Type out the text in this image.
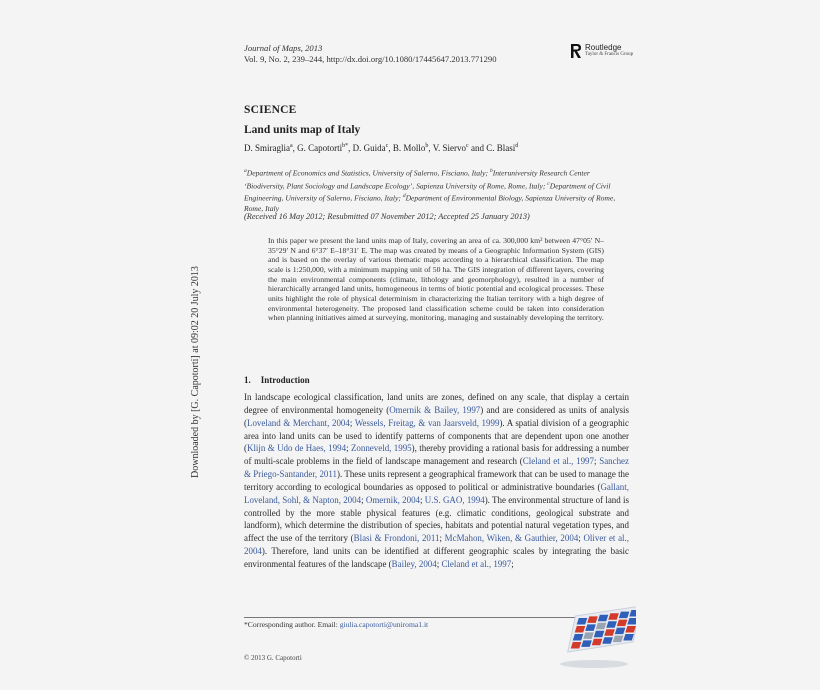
Downloaded by [G. Capotorti] at 09:02 20 July 2013
Journal of Maps, 2013
Vol. 9, No. 2, 239–244, http://dx.doi.org/10.1080/17445647.2013.771290
Routledge
Taylor & Francis Group
SCIENCE
Land units map of Italy
D. Smiraglia$^a$, G. Capotorti$^{b*}$, D. Guida$^c$, B. Mollo$^b$, V. Siervo$^c$ and C. Blasi$^d$
$^a$Department of Economics and Statistics, University of Salerno, Fisciano, Italy; $^b$Interuniversity Research Center ‘Biodiversity, Plant Sociology and Landscape Ecology’, Sapienza University of Rome, Rome, Italy; $^c$Department of Civil Engineering, University of Salerno, Fisciano, Italy; $^d$Department of Environmental Biology, Sapienza University of Rome, Rome, Italy
(Received 16 May 2012; Resubmitted 07 November 2012; Accepted 25 January 2013)
In this paper we present the land units map of Italy, covering an area of ca. 300,000 km² between 47°05′ N–35°29′ N and 6°37′ E–18°31′ E. The map was created by means of a Geographic Information System (GIS) and is based on the overlay of various thematic maps according to a hierarchical classification. The map scale is 1:250,000, with a minimum mapping unit of 50 ha. The GIS integration of different layers, covering the main environmental components (climate, lithology and geomorphology), resulted in a number of hierarchically arranged land units, homogeneous in terms of biotic potential and ecological processes. These units highlight the role of physical determinism in characterizing the Italian territory with a high degree of environmental heterogeneity. The proposed land classification scheme could be taken into consideration when planning initiatives aimed at surveying, monitoring, managing and sustainably developing the territory.
1. Introduction
In landscape ecological classification, land units are zones, defined on any scale, that display a certain degree of environmental homogeneity (Omernik & Bailey, 1997) and are considered as units of analysis (Loveland & Merchant, 2004; Wessels, Freitag, & van Jaarsveld, 1999). A spatial division of a geographic area into land units can be used to identify patterns of components that are dependent upon one another (Klijn & Udo de Haes, 1994; Zonneveld, 1995), thereby providing a rational basis for addressing a number of multi-scale problems in the field of landscape management and research (Cleland et al., 1997; Sanchez & Priego-Santander, 2011). These units represent a geographical framework that can be used to manage the territory according to ecological boundaries as opposed to political or administrative boundaries (Gallant, Loveland, Sohl, & Napton, 2004; Omernik, 2004; U.S. GAO, 1994). The environmental structure of land is controlled by the more stable physical features (e.g. climatic conditions, geological substrate and landform), which determine the distribution of species, habitats and potential natural vegetation types, and affect the use of the territory (Blasi & Frondoni, 2011; McMahon, Wiken, & Gauthier, 2004; Oliver et al., 2004). Therefore, land units can be identified at different geographic scales by integrating the basic environmental features of the landscape (Bailey, 2004; Cleland et al., 1997;
*Corresponding author. Email: giulia.capotorti@uniroma1.it
© 2013 G. Capotorti
